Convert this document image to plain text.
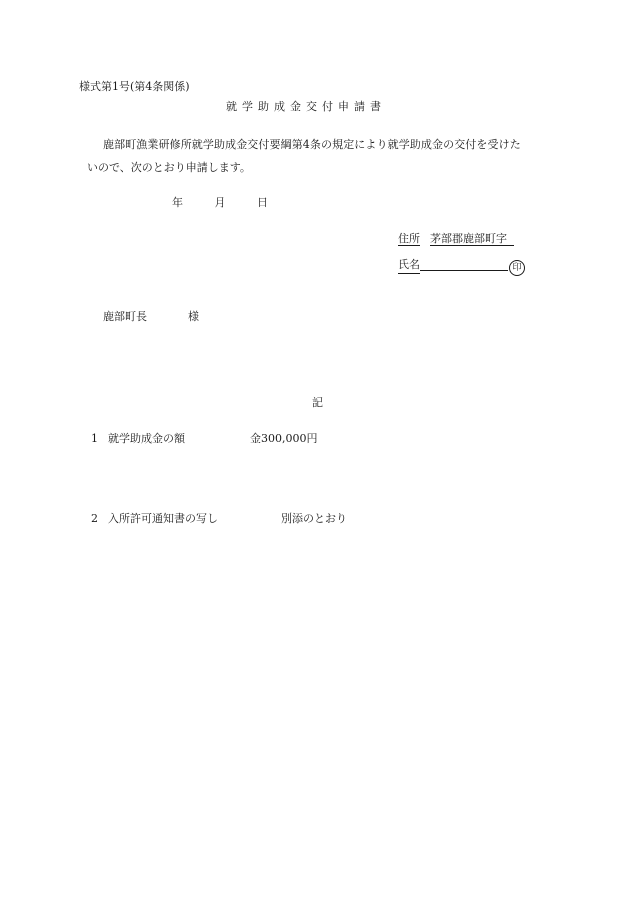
様式第1号(第4条関係)
就学助成金交付申請書
鹿部町漁業研修所就学助成金交付要綱第4条の規定により就学助成金の交付を受けた
いので、次のとおり申請します。
年	月	日
住所 茅部郡鹿部町字
氏名	印
鹿部町長	様
記
1 就学助成金の額	金300,000円
2 入所許可通知書の写し	別添のとおり
